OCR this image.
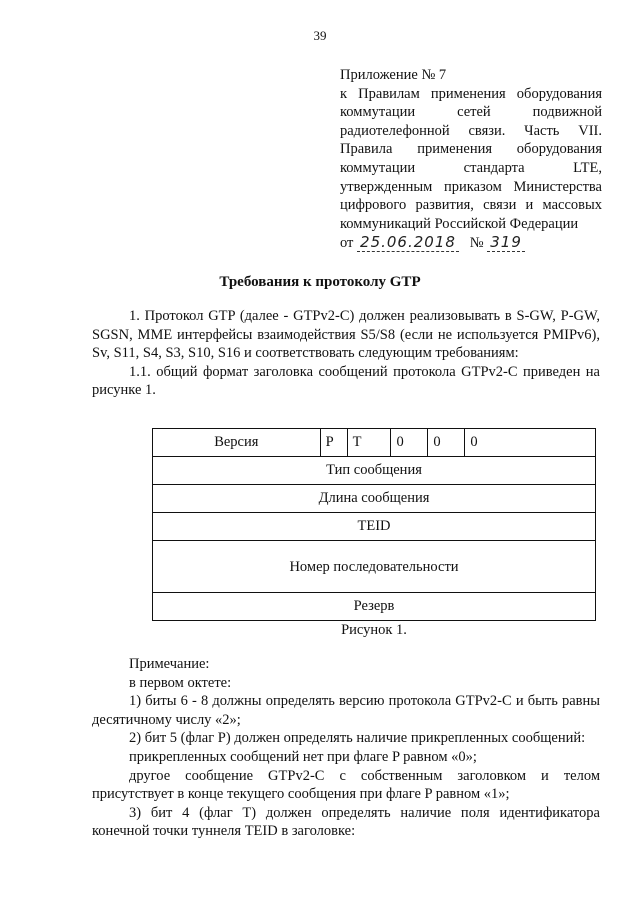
39
Приложение № 7
к Правилам применения оборудования
коммутации сетей подвижной
радиотелефонной связи. Часть VII.
Правила применения оборудования
коммутации стандарта LTE,
утвержденным приказом Министерства
цифрового развития, связи и массовых
коммуникаций Российской Федерации
от 25.06.2018 № 319
Требования к протоколу GTP
1. Протокол GTP (далее - GTPv2-C) должен реализовывать в S-GW, P-GW, SGSN, MME интерфейсы взаимодействия S5/S8 (если не используется PMIPv6), Sv, S11, S4, S3, S10, S16 и соответствовать следующим требованиям:
1.1. общий формат заголовка сообщений протокола GTPv2-C приведен на рисунке 1.
Версия	P	T	0	0	0
Тип сообщения
Длина сообщения
TEID
Номер последовательности
Резерв
Рисунок 1.
Примечание:
в первом октете:
1) биты 6 - 8 должны определять версию протокола GTPv2-C и быть равны десятичному числу «2»;
2) бит 5 (флаг P) должен определять наличие прикрепленных сообщений:
прикрепленных сообщений нет при флаге P равном «0»;
другое сообщение GTPv2-C с собственным заголовком и телом присутствует в конце текущего сообщения при флаге P равном «1»;
3) бит 4 (флаг T) должен определять наличие поля идентификатора конечной точки туннеля TEID в заголовке:
